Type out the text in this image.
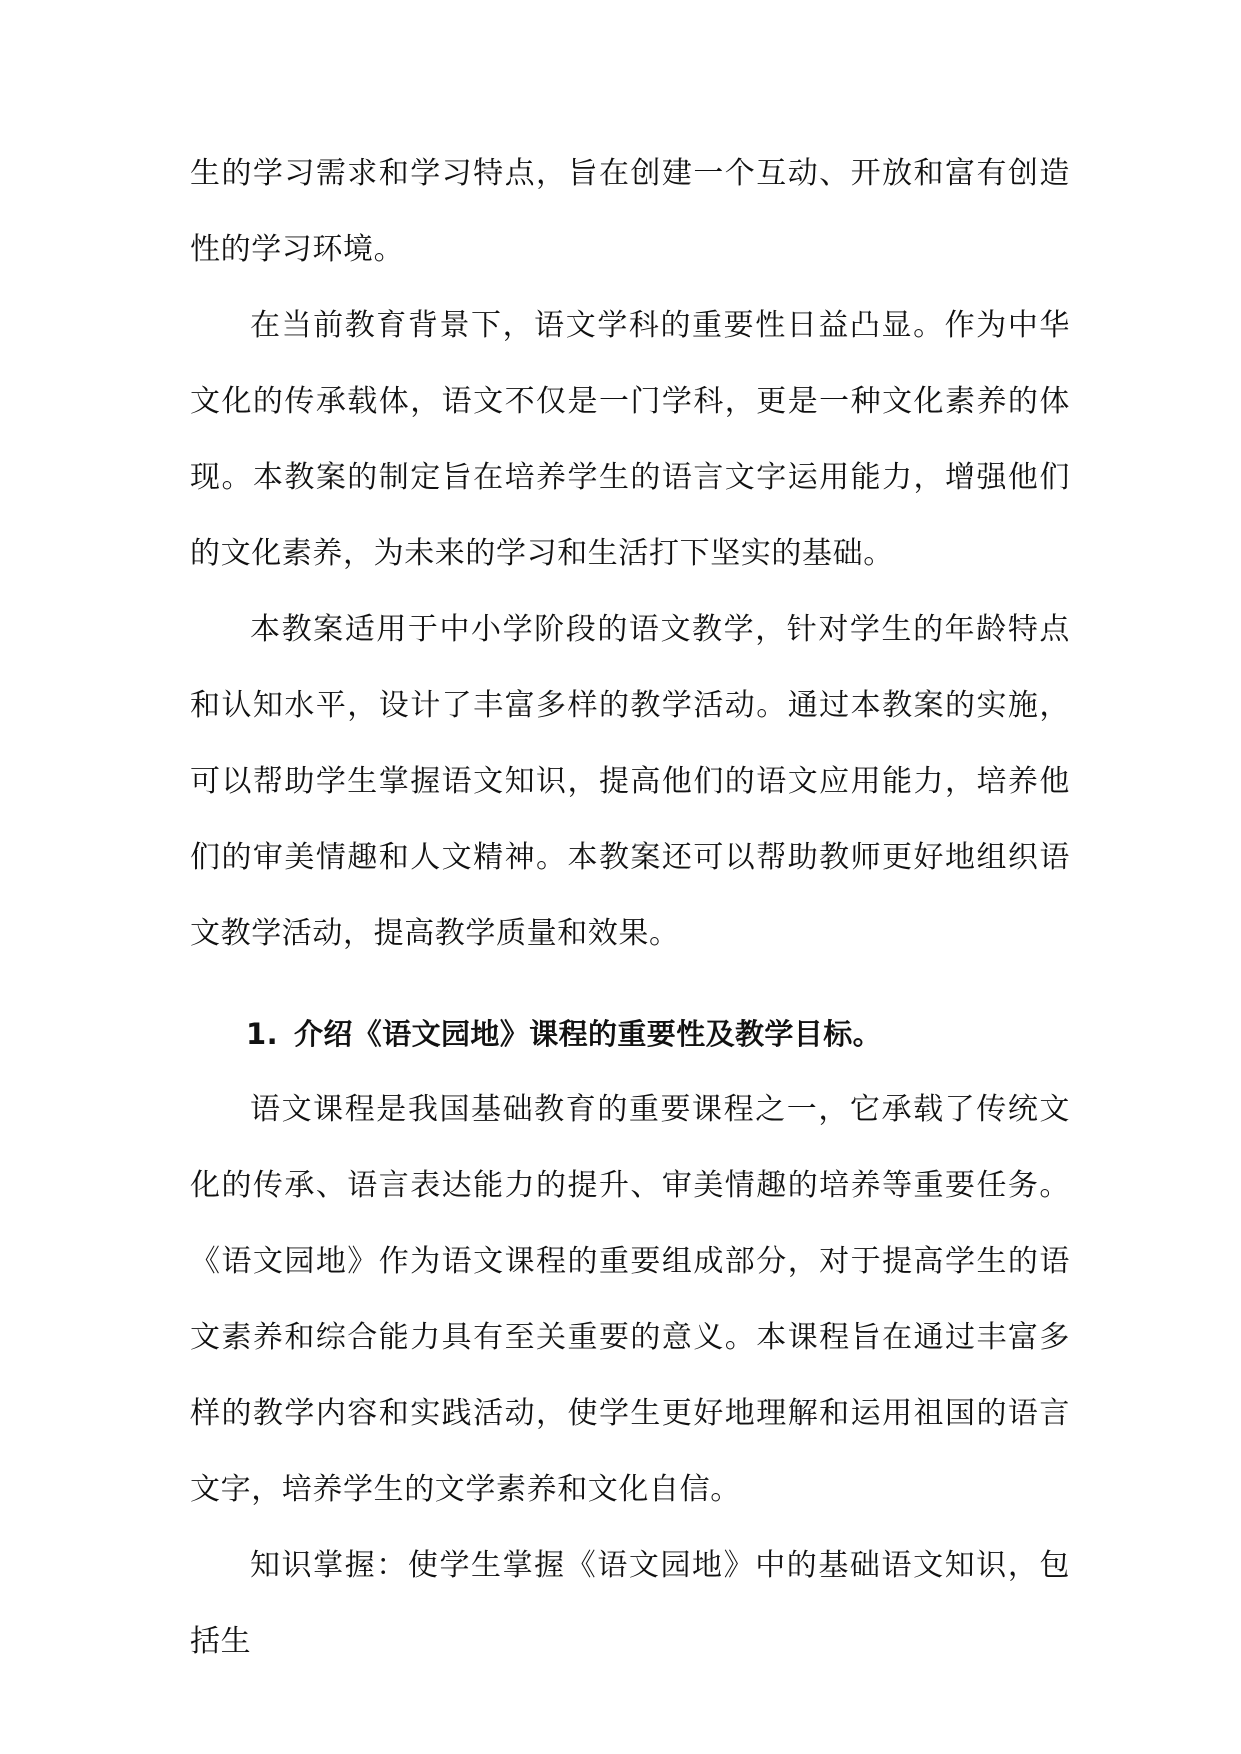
生的学习需求和学习特点，旨在创建一个互动、开放和富有创造性的学习环境。

在当前教育背景下，语文学科的重要性日益凸显。作为中华文化的传承载体，语文不仅是一门学科，更是一种文化素养的体现。本教案的制定旨在培养学生的语言文字运用能力，增强他们的文化素养，为未来的学习和生活打下坚实的基础。

本教案适用于中小学阶段的语文教学，针对学生的年龄特点和认知水平，设计了丰富多样的教学活动。通过本教案的实施，可以帮助学生掌握语文知识，提高他们的语文应用能力，培养他们的审美情趣和人文精神。本教案还可以帮助教师更好地组织语文教学活动，提高教学质量和效果。

1. 介绍《语文园地》课程的重要性及教学目标。

语文课程是我国基础教育的重要课程之一，它承载了传统文化的传承、语言表达能力的提升、审美情趣的培养等重要任务。《语文园地》作为语文课程的重要组成部分，对于提高学生的语文素养和综合能力具有至关重要的意义。本课程旨在通过丰富多样的教学内容和实践活动，使学生更好地理解和运用祖国的语言文字，培养学生的文学素养和文化自信。

知识掌握：使学生掌握《语文园地》中的基础语文知识，包括生
